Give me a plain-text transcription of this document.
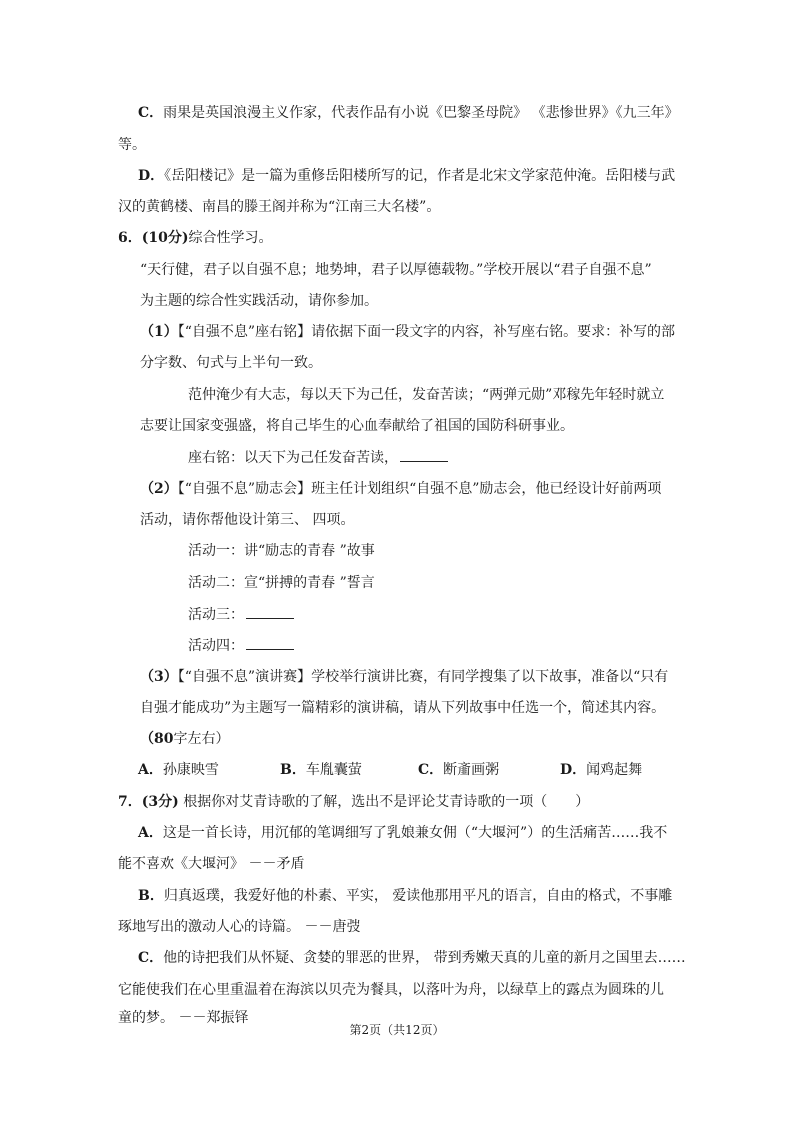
C．雨果是英国浪漫主义作家，代表作品有小说《巴黎圣母院》 《悲惨世界》《九三年》
等。
D．《岳阳楼记》是一篇为重修岳阳楼所写的记，作者是北宋文学家范仲淹。岳阳楼与武
汉的黄鹤楼、南昌的滕王阁并称为“江南三大名楼”。
6．(10分)综合性学习。
“天行健，君子以自强不息；地势坤，君子以厚德载物。”学校开展以“君子自强不息”
为主题的综合性实践活动，请你参加。
（1）【“自强不息”座右铭】请依据下面一段文字的内容，补写座右铭。要求：补写的部
分字数、句式与上半句一致。
范仲淹少有大志，每以天下为己任，发奋苦读；“两弹元勋”邓稼先年轻时就立
志要让国家变强盛，将自己毕生的心血奉献给了祖国的国防科研事业。
座右铭：以天下为己任发奋苦读，
（2）【“自强不息”励志会】班主任计划组织“自强不息”励志会，他已经设计好前两项
活动，请你帮他设计第三、 四项。
活动一：讲“励志的青春 ”故事
活动二：宣“拼搏的青春 ”誓言
活动三：
活动四：
（3）【“自强不息”演讲赛】学校举行演讲比赛，有同学搜集了以下故事，准备以“只有
自强才能成功”为主题写一篇精彩的演讲稿，请从下列故事中任选一个，简述其内容。
（80字左右）
A．孙康映雪	B．车胤囊萤	C．断齑画粥	D．闻鸡起舞
7．(3分) 根据你对艾青诗歌的了解，选出不是评论艾青诗歌的一项（　　）
A．这是一首长诗，用沉郁的笔调细写了乳娘兼女佣（“大堰河”）的生活痛苦……我不
能不喜欢《大堰河》 －－矛盾
B．归真返璞，我爱好他的朴素、平实， 爱读他那用平凡的语言，自由的格式，不事雕
琢地写出的激动人心的诗篇。 －－唐弢
C．他的诗把我们从怀疑、贪婪的罪恶的世界， 带到秀嫩天真的儿童的新月之国里去……
它能使我们在心里重温着在海滨以贝壳为餐具，以落叶为舟，以绿草上的露点为圆珠的儿
童的梦。 －－郑振铎
第2页（共12页）
